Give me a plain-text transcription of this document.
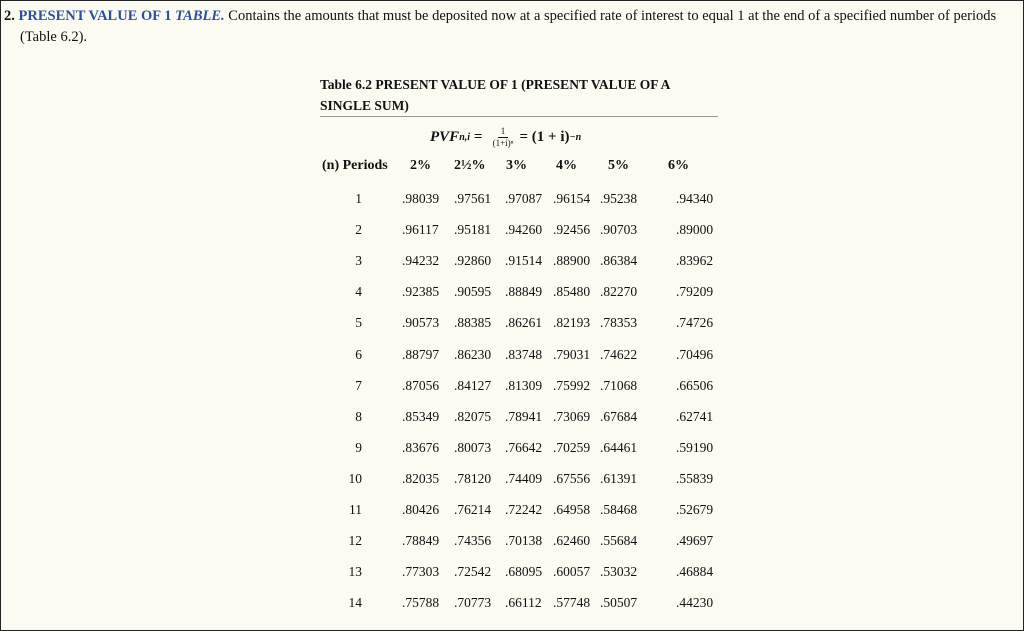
2. PRESENT VALUE OF 1 TABLE. Contains the amounts that must be deposited now at a specified rate of interest to equal 1 at the end of a specified number of periods
(Table 6.2).
Table 6.2 PRESENT VALUE OF 1 (PRESENT VALUE OF A
SINGLE SUM)
PVF $n,i = \frac{1}{\text{(1+i)ⁿ}} = (1 + i) -n$
(n) Periods 2% 2½% 3% 4% 5%	6%
1	.98039 .97561 .97087 .96154 .95238	.94340
2	.96117 .95181 .94260 .92456 .90703	.89000
3	.94232 .92860 .91514 .88900 .86384	.83962
4	.92385 .90595 .88849 .85480 .82270	.79209
5	.90573 .88385 .86261 .82193 .78353	.74726
6	.88797 .86230 .83748 .79031 .74622	.70496
7	.87056 .84127 .81309 .75992 .71068	.66506
8	.85349 .82075 .78941 .73069 .67684	.62741
9	.83676 .80073 .76642 .70259 .64461	.59190
10	.82035 .78120 .74409 .67556 .61391	.55839
11	.80426 .76214 .72242 .64958 .58468	.52679
12	.78849 .74356 .70138 .62460 .55684	.49697
13	.77303 .72542 .68095 .60057 .53032	.46884
14	.75788 .70773 .66112 .57748 .50507	.44230
